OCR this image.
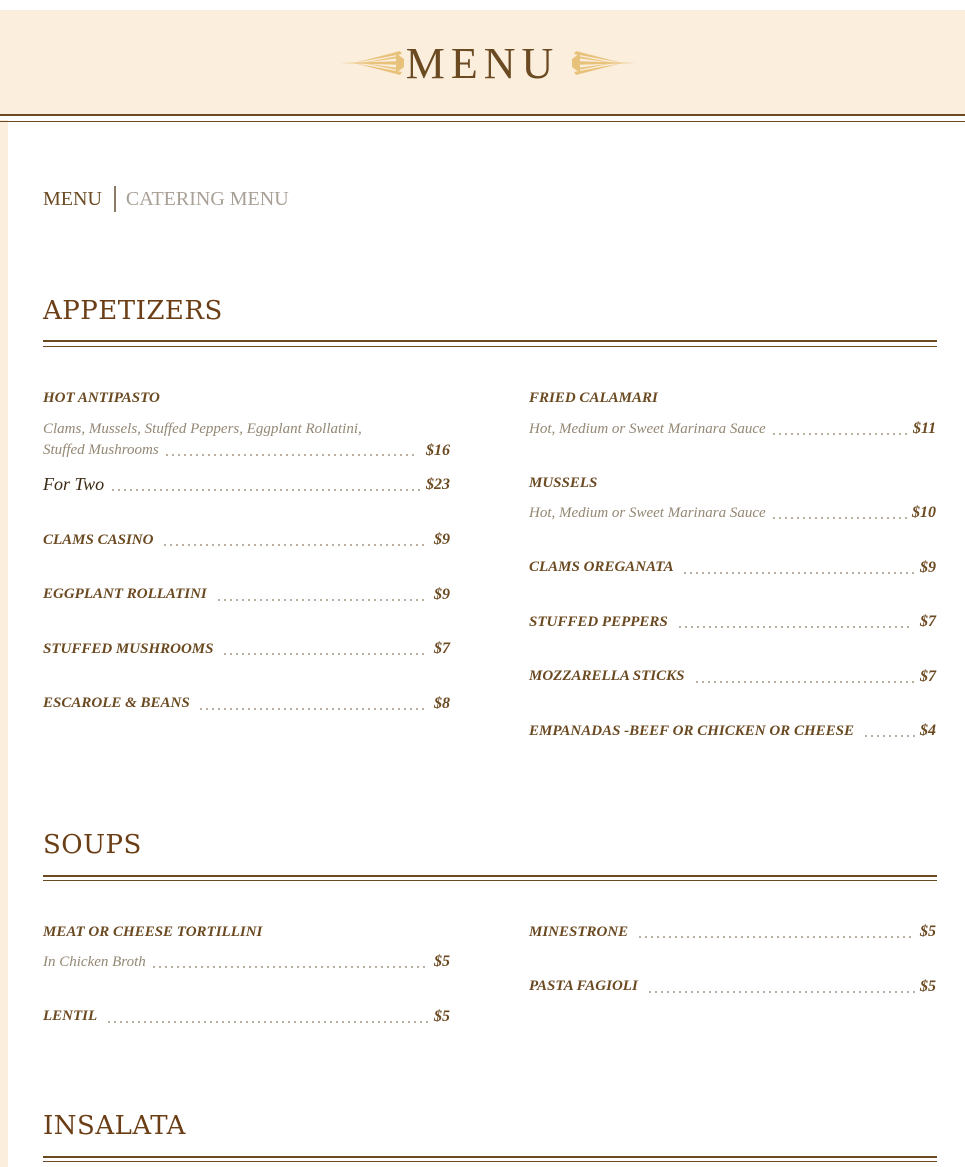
MENU
MENU CATERING MENU
APPETIZERS
HOT ANTIPASTO
Clams, Mussels, Stuffed Peppers, Eggplant Rollatini,
Stuffed Mushrooms	$16
For Two	$23
CLAMS CASINO	$9
EGGPLANT ROLLATINI	$9
STUFFED MUSHROOMS	$7
ESCAROLE & BEANS	$8
FRIED CALAMARI
Hot, Medium or Sweet Marinara Sauce	$11
MUSSELS
Hot, Medium or Sweet Marinara Sauce	$10
CLAMS OREGANATA	$9
STUFFED PEPPERS	$7
MOZZARELLA STICKS	$7
EMPANADAS -BEEF OR CHICKEN OR CHEESE	$4
SOUPS
MEAT OR CHEESE TORTILLINI
In Chicken Broth	$5
LENTIL	$5
MINESTRONE	$5
PASTA FAGIOLI	$5
INSALATA
